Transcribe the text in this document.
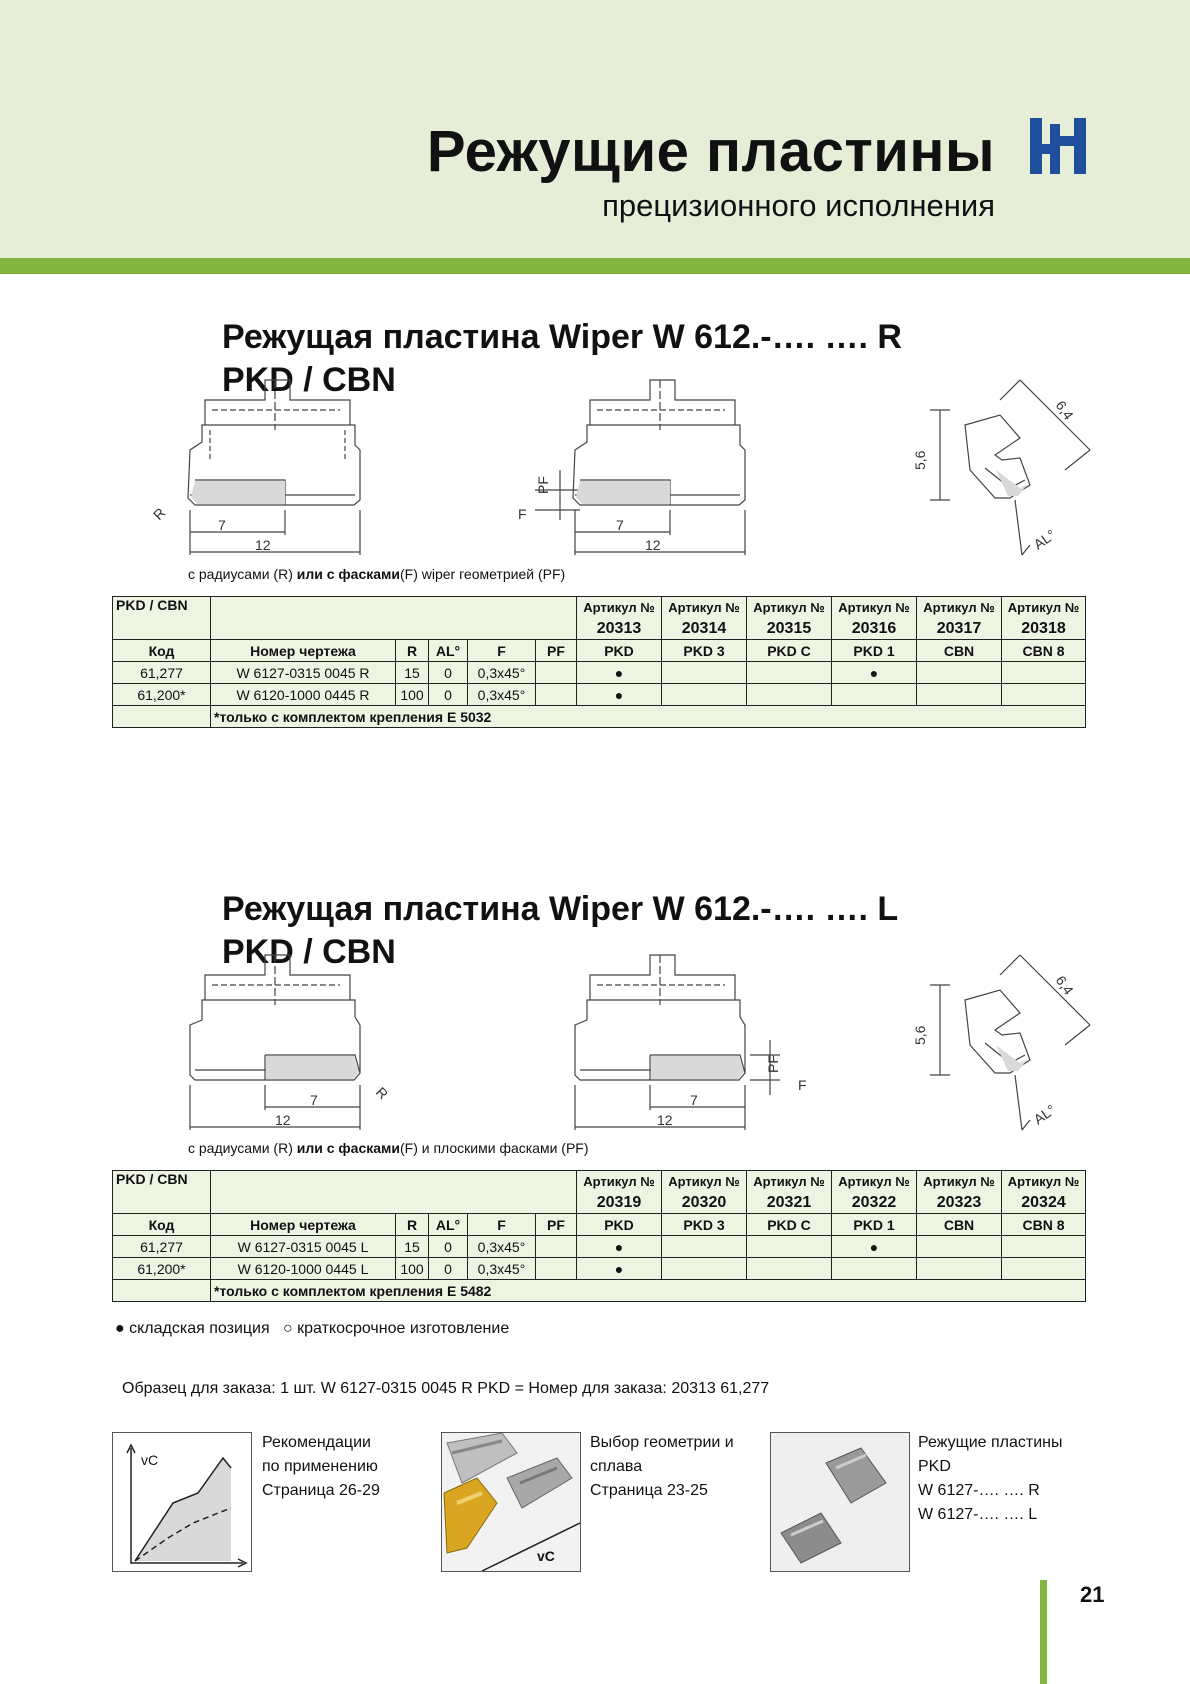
Режущие пластины
прецизионного исполнения
Режущая пластина Wiper W 612.-…. …. R
PKD / CBN
R
7
12
F
PF
7
12
5,6
6,4
AL°
с радиусами (R) или с фасками(F) wiper геометрией (PF)
PKD / CBN						Артикул №	Артикул №	Артикул №	Артикул №	Артикул №	Артикул №
						20313	20314	20315	20316	20317	20318
Код	Номер чертежа	R	AL°	F	PF	PKD	PKD 3	PKD C	PKD 1	CBN	CBN 8
61,277	W 6127-0315 0045 R	15	0	0,3x45°		●			●		
61,200*	W 6120-1000 0445 R	100	0	0,3x45°		●					
	*только с комплектом крепления E 5032										
Режущая пластина Wiper W 612.-…. …. L
PKD / CBN
R
7
12
F
PF
7
12
5,6
6,4
AL°
с радиусами (R) или с фасками(F) и плоскими фасками (PF)
PKD / CBN						Артикул №	Артикул №	Артикул №	Артикул №	Артикул №	Артикул №
						20319	20320	20321	20322	20323	20324
Код	Номер чертежа	R	AL°	F	PF	PKD	PKD 3	PKD C	PKD 1	CBN	CBN 8
61,277	W 6127-0315 0045 L	15	0	0,3x45°		●			●		
61,200*	W 6120-1000 0445 L	100	0	0,3x45°		●					
	*только с комплектом крепления E 5482										
● складская позиция ○ краткосрочное изготовление
Образец для заказа: 1 шт. W 6127-0315 0045 R PKD = Номер для заказа: 20313 61,277
vC
Рекомендации
по применению
Страница 26-29
vC
Выбор геометрии и
сплава
Страница 23-25
Режущие пластины
PKD
W 6127-…. …. R
W 6127-…. …. L
21
